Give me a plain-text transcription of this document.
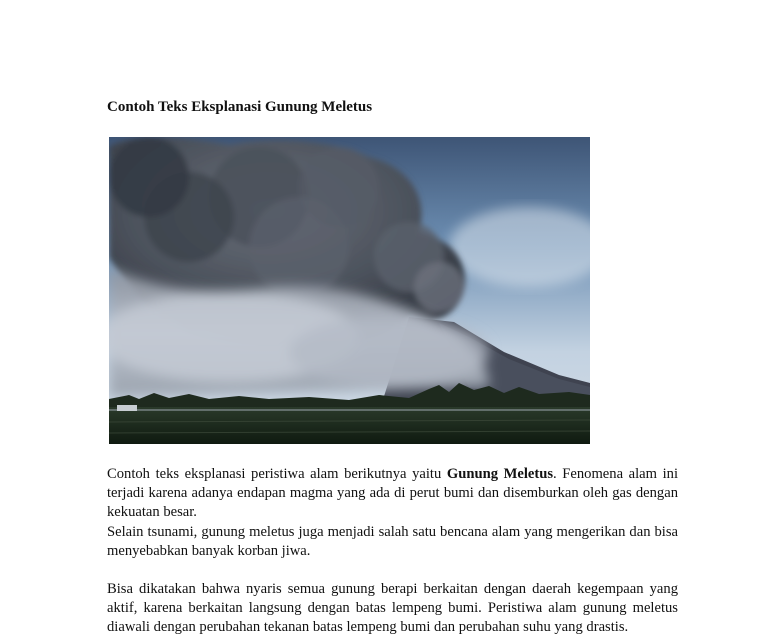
Contoh Teks Eksplanasi Gunung Meletus

Contoh teks eksplanasi peristiwa alam berikutnya yaitu Gunung Meletus. Fenomena alam ini terjadi karena adanya endapan magma yang ada di perut bumi dan disemburkan oleh gas dengan kekuatan besar.

Selain tsunami, gunung meletus juga menjadi salah satu bencana alam yang mengerikan dan bisa menyebabkan banyak korban jiwa.

Bisa dikatakan bahwa nyaris semua gunung berapi berkaitan dengan daerah kegempaan yang aktif, karena berkaitan langsung dengan batas lempeng bumi. Peristiwa alam gunung meletus diawali dengan perubahan tekanan batas lempeng bumi dan perubahan suhu yang drastis.
